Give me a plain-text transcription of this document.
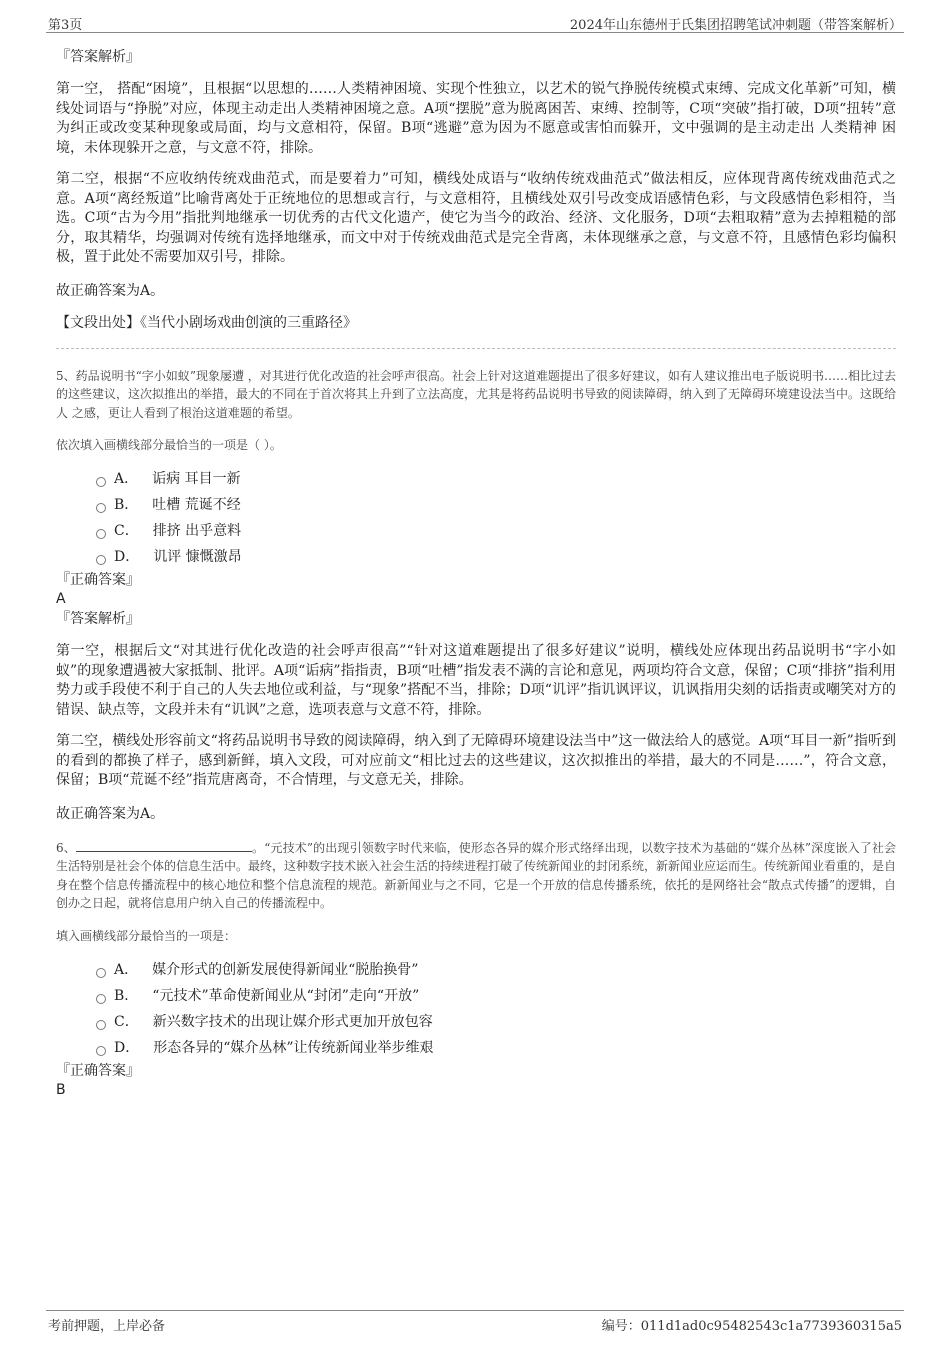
第3页	2024年山东德州于氏集团招聘笔试冲刺题（带答案解析）

『答案解析』

第一空， 搭配“困境”，且根据“以思想的……人类精神困境、实现个性独立，以艺术的锐气挣脱传统模式束缚、完成文化革新”可知，横线处词语与“挣脱”对应，体现主动走出人类精神困境之意。A项“摆脱”意为脱离困苦、束缚、控制等，C项“突破”指打破，D项“扭转”意为纠正或改变某种现象或局面，均与文意相符，保留。B项“逃避”意为因为不愿意或害怕而躲开，文中强调的是主动走出 人类精神 困境，未体现躲开之意，与文意不符，排除。

第二空，根据“不应收纳传统戏曲范式，而是要着力”可知，横线处成语与“收纳传统戏曲范式”做法相反，应体现背离传统戏曲范式之意。A项“离经叛道”比喻背离处于正统地位的思想或言行，与文意相符，且横线处双引号改变成语感情色彩，与文段感情色彩相符，当选。C项“古为今用”指批判地继承一切优秀的古代文化遗产，使它为当今的政治、经济、文化服务，D项“去粗取精”意为去掉粗糙的部分，取其精华，均强调对传统有选择地继承，而文中对于传统戏曲范式是完全背离，未体现继承之意，与文意不符，且感情色彩均偏积极，置于此处不需要加双引号，排除。

故正确答案为A。

【文段出处】《当代小剧场戏曲创演的三重路径》

5、药品说明书“字小如蚁”现象屡遭 ，对其进行优化改造的社会呼声很高。社会上针对这道难题提出了很多好建议，如有人建议推出电子版说明书……相比过去的这些建议，这次拟推出的举措，最大的不同在于首次将其上升到了立法高度，尤其是将药品说明书导致的阅读障碍，纳入到了无障碍环境建设法当中。这既给人 之感，更让人看到了根治这道难题的希望。

依次填入画横线部分最恰当的一项是（ ）。

A． 诟病 耳目一新
B． 吐槽 荒诞不经
C． 排挤 出乎意料
D． 讥评 慷慨激昂

『正确答案』

A

『答案解析』

第一空，根据后文“对其进行优化改造的社会呼声很高”“针对这道难题提出了很多好建议”说明，横线处应体现出药品说明书“字小如蚁”的现象遭遇被大家抵制、批评。A项“诟病”指指责，B项“吐槽”指发表不满的言论和意见，两项均符合文意，保留；C项“排挤”指利用势力或手段使不利于自己的人失去地位或利益，与“现象”搭配不当，排除；D项“讥评”指讥讽评议，讥讽指用尖刻的话指责或嘲笑对方的错误、缺点等，文段并未有“讥讽”之意，选项表意与文意不符，排除。

第二空，横线处形容前文“将药品说明书导致的阅读障碍，纳入到了无障碍环境建设法当中”这一做法给人的感觉。A项“耳目一新”指听到的看到的都换了样子，感到新鲜，填入文段，可对应前文“相比过去的这些建议，这次拟推出的举措，最大的不同是……”，符合文意，保留；B项“荒诞不经”指荒唐离奇，不合情理，与文意无关，排除。

故正确答案为A。

6、	。“元技术”的出现引领数字时代来临，使形态各异的媒介形式络绎出现，以数字技术为基础的“媒介丛林”深度嵌入了社会生活特别是社会个体的信息生活中。最终，这种数字技术嵌入社会生活的持续进程打破了传统新闻业的封闭系统，新新闻业应运而生。传统新闻业看重的，是自身在整个信息传播流程中的核心地位和整个信息流程的规范。新新闻业与之不同，它是一个开放的信息传播系统，依托的是网络社会“散点式传播”的逻辑，自创办之日起，就将信息用户纳入自己的传播流程中。

填入画横线部分最恰当的一项是：

A． 媒介形式的创新发展使得新闻业“脱胎换骨”
B． “元技术”革命使新闻业从“封闭”走向“开放”
C． 新兴数字技术的出现让媒介形式更加开放包容
D． 形态各异的“媒介丛林”让传统新闻业举步维艰

『正确答案』

B

考前押题，上岸必备	编号：011d1ad0c95482543c1a7739360315a5
